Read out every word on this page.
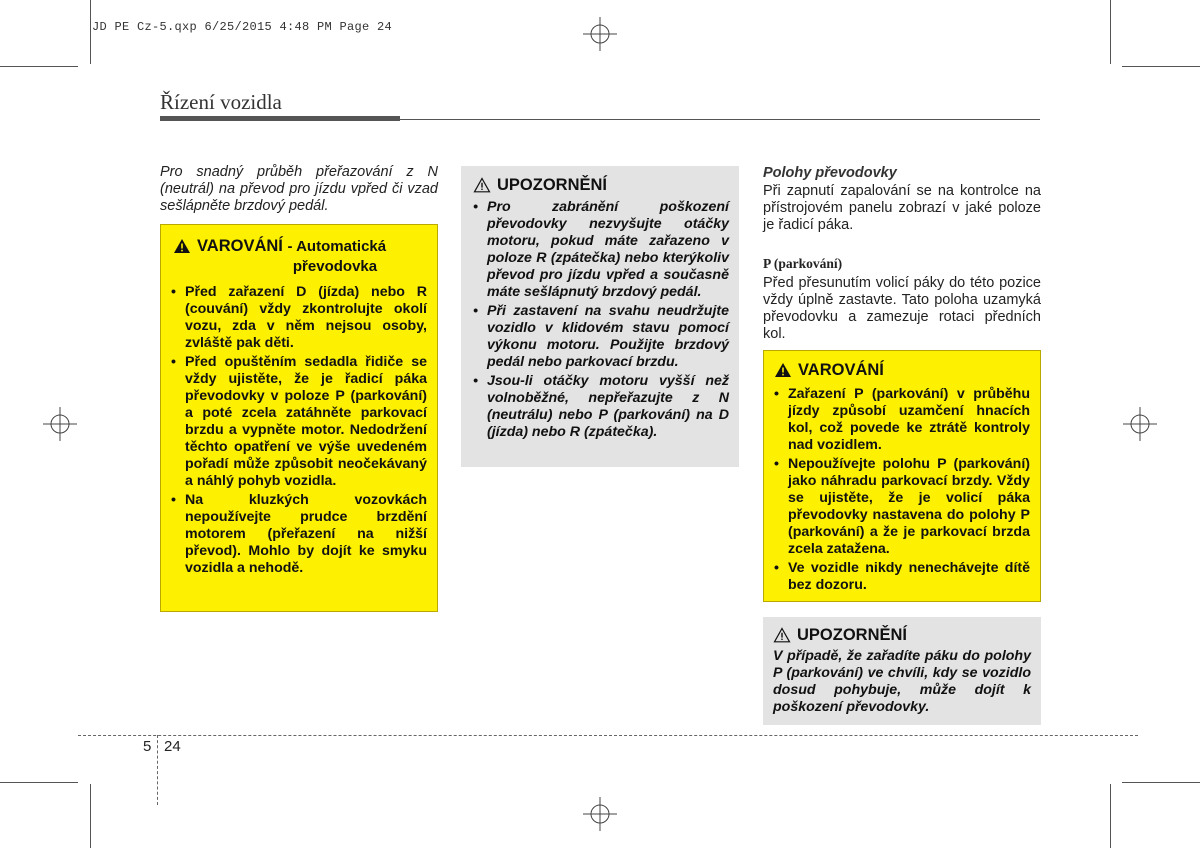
JD PE Cz-5.qxp 6/25/2015 4:48 PM Page 24
Řízení vozidla
Pro snadný průběh přeřazování z N (neutrál) na převod pro jízdu vpřed či vzad sešlápněte brzdový pedál.
VAROVÁNÍ - Automatická
převodovka
• Před zařazení D (jízda) nebo R (couvání) vždy zkontrolujte okolí vozu, zda v něm nejsou osoby, zvláště pak děti.
• Před opuštěním sedadla řidiče se vždy ujistěte, že je řadicí páka převodovky v poloze P (parkování) a poté zcela zatáhněte parkovací brzdu a vypněte motor. Nedodržení těchto opatření ve výše uvedeném pořadí může způsobit neočekávaný a náhlý pohyb vozidla.
• Na kluzkých vozovkách nepoužívejte prudce brzdění motorem (přeřazení na nižší převod). Mohlo by dojít ke smyku vozidla a nehodě.
UPOZORNĚNÍ
• Pro zabránění poškození převodovky nezvyšujte otáčky motoru, pokud máte zařazeno v poloze R (zpátečka) nebo kterýkoliv převod pro jízdu vpřed a současně máte sešlápnutý brzdový pedál.
• Při zastavení na svahu neudržujte vozidlo v klidovém stavu pomocí výkonu motoru. Použijte brzdový pedál nebo parkovací brzdu.
• Jsou-li otáčky motoru vyšší než volnoběžné, nepřeřazujte z N (neutrálu) nebo P (parkování) na D (jízda) nebo R (zpátečka).
Polohy převodovky
Při zapnutí zapalování se na kontrolce na přístrojovém panelu zobrazí v jaké poloze je řadicí páka.
P (parkování)
Před přesunutím volicí páky do této pozice vždy úplně zastavte. Tato poloha uzamyká převodovku a zamezuje rotaci předních kol.
VAROVÁNÍ
• Zařazení P (parkování) v průběhu jízdy způsobí uzamčení hnacích kol, což povede ke ztrátě kontroly nad vozidlem.
• Nepoužívejte polohu P (parkování) jako náhradu parkovací brzdy. Vždy se ujistěte, že je volicí páka převodovky nastavena do polohy P (parkování) a že je parkovací brzda zcela zatažena.
• Ve vozidle nikdy nenechávejte dítě bez dozoru.
UPOZORNĚNÍ
V případě, že zařadíte páku do polohy P (parkování) ve chvíli, kdy se vozidlo dosud pohybuje, může dojít k poškození převodovky.
5 24
